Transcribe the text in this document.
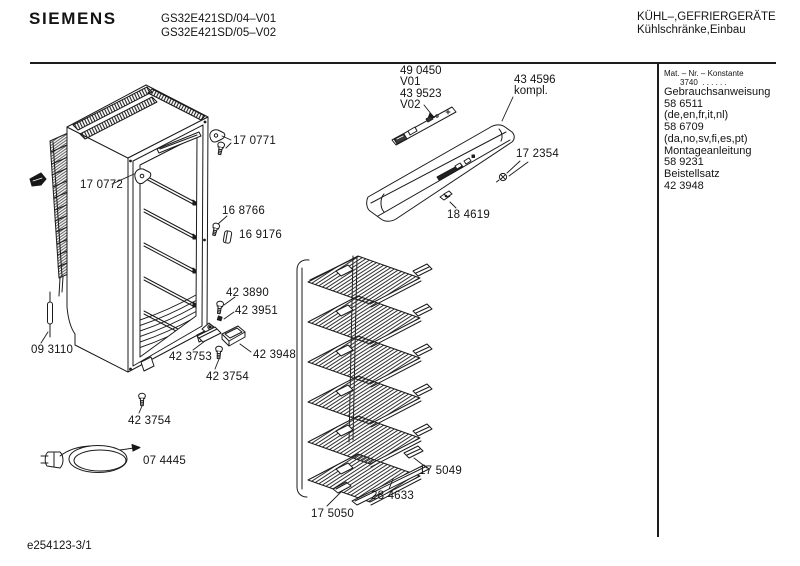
SIEMENS	GS32E421SD/04–V01
GS32E421SD/05–V02
KÜHL–,GEFRIERGERÄTE
Kühlschränke,Einbau
Mat. – Nr. – Konstante
3740 . . . . . .
Gebrauchsanweisung
58 6511
(de,en,fr,it,nl)
58 6709
(da,no,sv,fi,es,pt)
Montageanleitung
58 9231
Beistellsatz
42 3948
17 0771
17 0772
16 8766
16 9176
42 3890
42 3951
42 3753	42 3948
42 3754
42 3754
09 3110
07 4445
17 2354
18 4619
17 5049
28 4633
17 5050
49 0450
V01
43 9523
V02
43 4596
kompl.
e254123-3/1
